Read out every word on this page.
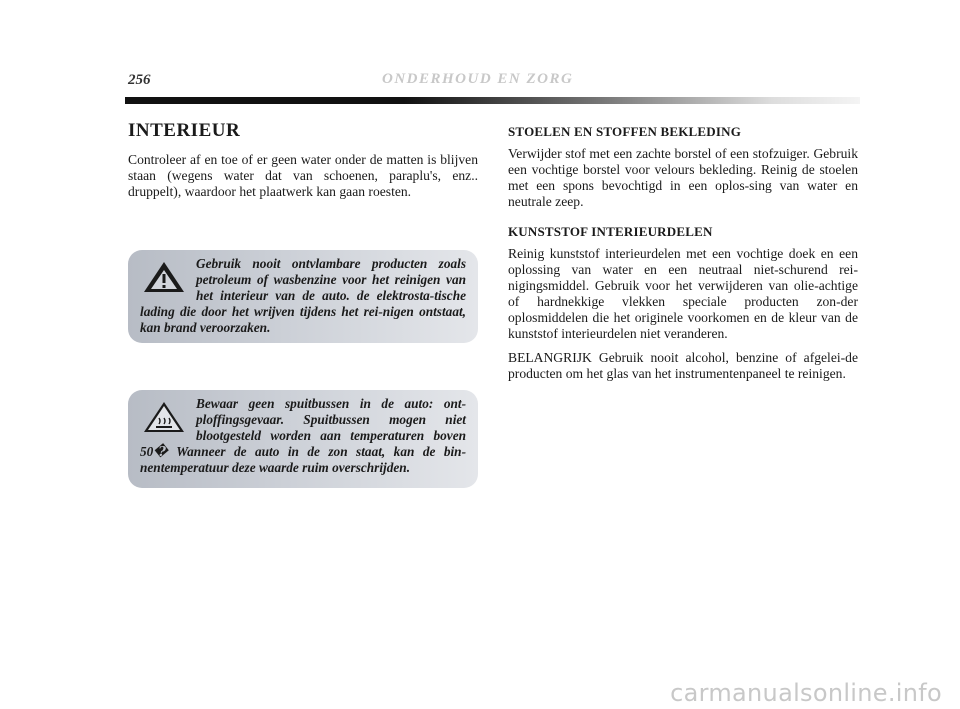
256	ONDERHOUD EN ZORG
INTERIEUR

Controleer af en toe of er geen water onder de matten is blijven staan (wegens water dat van schoenen, paraplu's, enz.. druppelt), waardoor het plaatwerk kan gaan roesten.

Gebruik nooit ontvlambare producten zoals petroleum of wasbenzine voor het reinigen van het interieur van de auto. de elektrosta-tische lading die door het wrijven tijdens het rei-nigen ontstaat, kan brand veroorzaken.

Bewaar geen spuitbussen in de auto: ont-ploffingsgevaar. Spuitbussen mogen niet blootgesteld worden aan temperaturen boven 50� Wanneer de auto in de zon staat, kan de bin-nentemperatuur deze waarde ruim overschrijden.

STOELEN EN STOFFEN BEKLEDING

Verwijder stof met een zachte borstel of een stofzuiger. Gebruik een vochtige borstel voor velours bekleding. Reinig de stoelen met een spons bevochtigd in een oplos-sing van water en neutrale zeep.

KUNSTSTOF INTERIEURDELEN

Reinig kunststof interieurdelen met een vochtige doek en een oplossing van water en een neutraal niet-schurend rei-nigingsmiddel. Gebruik voor het verwijderen van olie-achtige of hardnekkige vlekken speciale producten zon-der oplosmiddelen die het originele voorkomen en de kleur van de kunststof interieurdelen niet veranderen.

BELANGRIJK Gebruik nooit alcohol, benzine of afgelei-de producten om het glas van het instrumentenpaneel te reinigen.

carmanualsonline.info
